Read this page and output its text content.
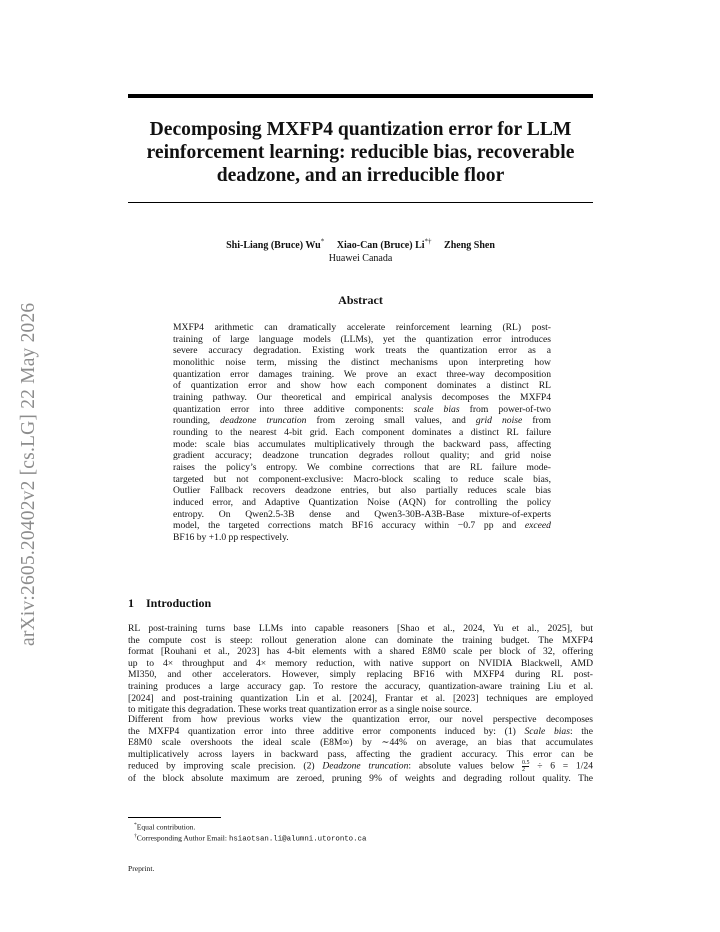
arXiv:2605.20402v2 [cs.LG] 22 May 2026
Decomposing MXFP4 quantization error for LLM
reinforcement learning: reducible bias, recoverable
deadzone, and an irreducible floor
Shi-Liang (Bruce) Wu* Xiao-Can (Bruce) Li*† Zheng Shen
Huawei Canada
Abstract
MXFP4 arithmetic can dramatically accelerate reinforcement learning (RL) post-
training of large language models (LLMs), yet the quantization error introduces
severe accuracy degradation. Existing work treats the quantization error as a
monolithic noise term, missing the distinct mechanisms upon interpreting how
quantization error damages training. We prove an exact three-way decomposition
of quantization error and show how each component dominates a distinct RL
training pathway. Our theoretical and empirical analysis decomposes the MXFP4
quantization error into three additive components: scale bias from power-of-two
rounding, deadzone truncation from zeroing small values, and grid noise from
rounding to the nearest 4-bit grid. Each component dominates a distinct RL failure
mode: scale bias accumulates multiplicatively through the backward pass, affecting
gradient accuracy; deadzone truncation degrades rollout quality; and grid noise
raises the policy’s entropy. We combine corrections that are RL failure mode-
targeted but not component-exclusive: Macro-block scaling to reduce scale bias,
Outlier Fallback recovers deadzone entries, but also partially reduces scale bias
induced error, and Adaptive Quantization Noise (AQN) for controlling the policy
entropy. On Qwen2.5-3B dense and Qwen3-30B-A3B-Base mixture-of-experts
model, the targeted corrections match BF16 accuracy within −0.7 pp and exceed
BF16 by +1.0 pp respectively.
1 Introduction
RL post-training turns base LLMs into capable reasoners [Shao et al., 2024, Yu et al., 2025], but
the compute cost is steep: rollout generation alone can dominate the training budget. The MXFP4
format [Rouhani et al., 2023] has 4-bit elements with a shared E8M0 scale per block of 32, offering
up to 4× throughput and 4× memory reduction, with native support on NVIDIA Blackwell, AMD
MI350, and other accelerators. However, simply replacing BF16 with MXFP4 during RL post-
training produces a large accuracy gap. To restore the accuracy, quantization-aware training Liu et al.
[2024] and post-training quantization Lin et al. [2024], Frantar et al. [2023] techniques are employed
to mitigate this degradation. These works treat quantization error as a single noise source.
Different from how previous works view the quantization error, our novel perspective decomposes
the MXFP4 quantization error into three additive error components induced by: (1) Scale bias: the
E8M0 scale overshoots the ideal scale (E8M∞) by ∼44% on average, an bias that accumulates
multiplicatively across layers in backward pass, affecting the gradient accuracy. This error can be
reduced by improving scale precision. (2) Deadzone truncation: absolute values below $\frac{0.5}{2} \div 6 = 1/24$
of the block absolute maximum are zeroed, pruning 9% of weights and degrading rollout quality. The
*Equal contribution.
†Corresponding Author Email: hsiaotsan.li@alumni.utoronto.ca
Preprint.
